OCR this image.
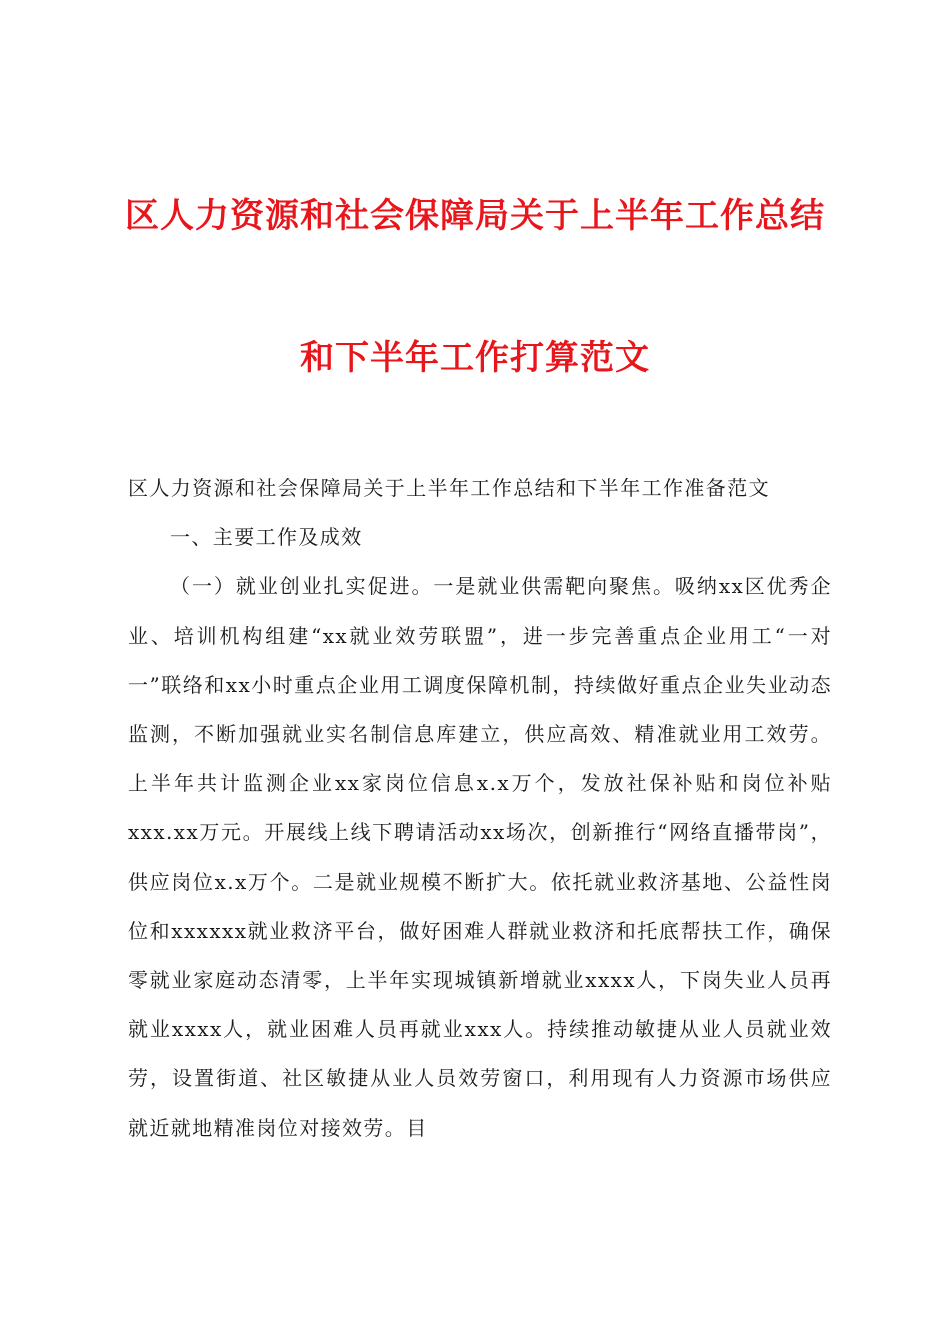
区人力资源和社会保障局关于上半年工作总结
和下半年工作打算范文

区人力资源和社会保障局关于上半年工作总结和下半年工作准备范文

一、主要工作及成效

（一）就业创业扎实促进。一是就业供需靶向聚焦。吸纳xx区优秀企业、培训机构组建“xx就业效劳联盟”，进一步完善重点企业用工“一对一”联络和xx小时重点企业用工调度保障机制，持续做好重点企业失业动态监测，不断加强就业实名制信息库建立，供应高效、精准就业用工效劳。上半年共计监测企业xx家岗位信息x.x万个，发放社保补贴和岗位补贴xxx.xx万元。开展线上线下聘请活动xx场次，创新推行“网络直播带岗”，供应岗位x.x万个。二是就业规模不断扩大。依托就业救济基地、公益性岗位和xxxxxx就业救济平台，做好困难人群就业救济和托底帮扶工作，确保零就业家庭动态清零，上半年实现城镇新增就业xxxx人，下岗失业人员再就业xxxx人，就业困难人员再就业xxx人。持续推动敏捷从业人员就业效劳，设置街道、社区敏捷从业人员效劳窗口，利用现有人力资源市场供应就近就地精准岗位对接效劳。目
